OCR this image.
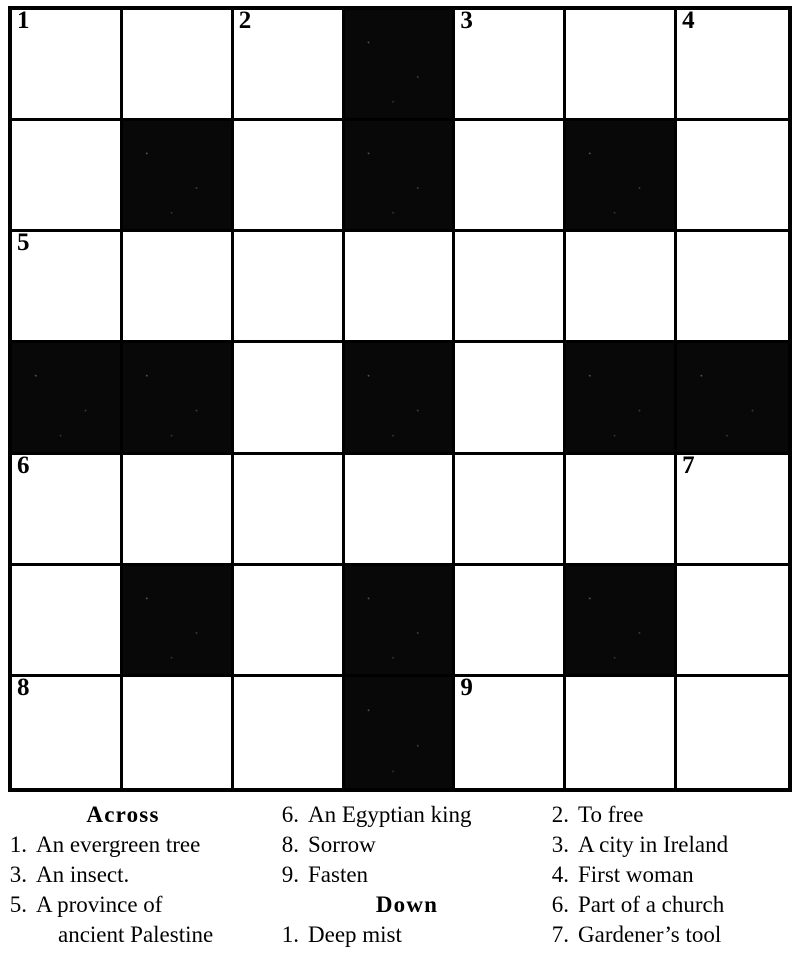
1	2	3	4
5
6	7
8	9
Across
1. An evergreen tree
3. An insect.
5. A province of
ancient Palestine
6. An Egyptian king
8. Sorrow
9. Fasten
Down
1. Deep mist
2. To free
3. A city in Ireland
4. First woman
6. Part of a church
7. Gardener’s tool
